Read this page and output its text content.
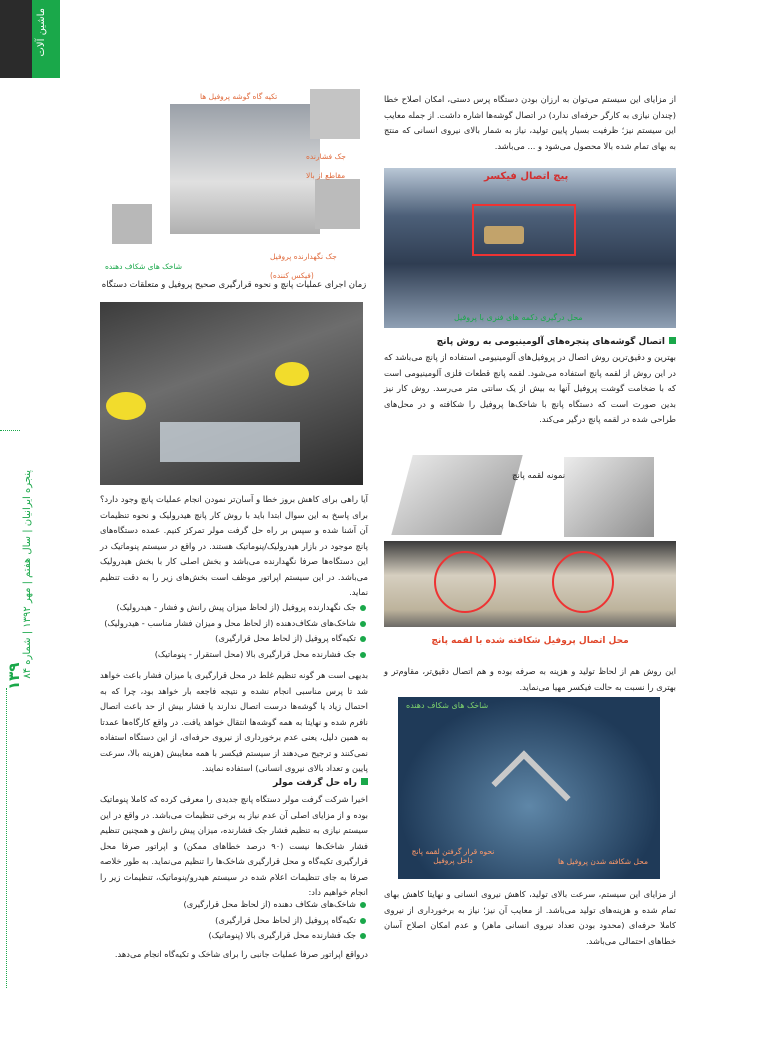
ماشین آلات
پنجره ایرانیان | سال هفتم | مهر ۱۳۹۲ | شماره ۸۴
۱۳۹
از مزایای این سیستم می‌توان به ارزان بودن دستگاه پرس دستی، امکان اصلاح خطا (چندان نیازی به کارگر حرفه‌ای ندارد) در اتصال گوشه‌ها اشاره داشت. از جمله معایب این سیستم نیز؛ ظرفیت بسیار پایین تولید، نیاز به شمار بالای نیروی انسانی که منتج به بهای تمام شده بالا محصول می‌شود و ... می‌باشد.
پیچ اتصال فیکسر
محل درگیری دکمه های فنری با پروفیل
اتصال گوشه‌های پنجره‌های آلومینیومی به روش پانچ
بهترین و دقیق‌ترین روش اتصال در پروفیل‌های آلومینیومی استفاده از پانچ می‌باشد که در این روش از لقمه پانچ استفاده می‌شود. لقمه پانچ قطعات فلزی آلومینیومی است که با ضخامت گوشت پروفیل آنها به بیش از یک سانتی متر می‌رسد. روش کار نیز بدین صورت است که دستگاه پانچ با شاخک‌ها پروفیل را شکافته و در محل‌های طراحی شده در لقمه پانچ درگیر می‌کند.
نمونه لقمه پانچ
محل اتصال پروفیل شکافته شده با لقمه پانچ
این روش هم از لحاظ تولید و هزینه به صرفه بوده و هم اتصال دقیق‌تر، مقاوم‌تر و بهتری را نسبت به حالت فیکسر مهیا می‌نماید.
شاخک های شکاف دهنده
نحوه قرار گرفتن لقمه پانچ داخل پروفیل	محل شکافته شدن پروفیل ها
از مزایای این سیستم، سرعت بالای تولید، کاهش نیروی انسانی و نهایتا کاهش بهای تمام شده و هزینه‌های تولید می‌باشد. از معایب آن نیز؛ نیاز به برخورداری از نیروی کاملا حرفه‌ای (محدود بودن تعداد نیروی انسانی ماهر) و عدم امکان اصلاح آسان خطاهای احتمالی می‌باشد.
تکیه گاه گوشه پروفیل ها
جک فشارنده مقاطع از بالا
شاخک های شکاف دهنده
جک نگهدارنده پروفیل (فیکس کننده)
زمان اجرای عملیات پانچ و نحوه قرارگیری صحیح پروفیل و متعلقات دستگاه
آیا راهی برای کاهش بروز خطا و آسان‌تر نمودن انجام عملیات پانچ وجود دارد؟ برای پاسخ به این سوال ابتدا باید با روش کار پانچ هیدرولیک و نحوه تنظیمات آن آشنا شده و سپس بر راه حل گرفت مولر تمرکز کنیم. عمده دستگاه‌های پانچ موجود در بازار هیدرولیک/پنوماتیک هستند. در واقع در سیستم پنوماتیک در این دستگاه‌ها صرفا نگهدارنده می‌باشد و بخش اصلی کار با بخش هیدرولیک می‌باشد. در این سیستم اپراتور موظف است بخش‌های زیر را به دقت تنظیم نماید.
جک نگهدارنده پروفیل (از لحاظ میزان پیش رانش و فشار - هیدرولیک)
شاخک‌های شکاف‌دهنده (از لحاظ محل و میزان فشار مناسب - هیدرولیک)
تکیه‌گاه پروفیل (از لحاظ محل قرارگیری)
جک فشارنده محل قرارگیری بالا (محل استقرار - پنوماتیک)
بدیهی است هر گونه تنظیم غلط در محل قرارگیری یا میزان فشار باعث خواهد شد تا پرس مناسبی انجام نشده و نتیجه فاجعه بار خواهد بود، چرا که به احتمال زیاد یا گوشه‌ها درست اتصال ندارند یا فشار بیش از حد باعث اتصال نافرم شده و نهایتا به همه گوشه‌ها انتقال خواهد یافت. در واقع کارگاه‌ها عمدتا به همین دلیل، یعنی عدم برخورداری از نیروی حرفه‌ای، از این دستگاه استفاده نمی‌کنند و ترجیح می‌دهند از سیستم فیکسر با همه معایبش (هزینه بالا، سرعت پایین و تعداد بالای نیروی انسانی) استفاده نمایند.
راه حل گرفت مولر
اخیرا شرکت گرفت مولر دستگاه پانچ جدیدی را معرفی کرده که کاملا پنوماتیک بوده و از مزایای اصلی آن عدم نیاز به برخی تنظیمات می‌باشد. در واقع در این سیستم نیازی به تنظیم فشار جک فشارنده، میزان پیش رانش و همچنین تنظیم فشار شاخک‌ها نیست (۹۰ درصد خطاهای ممکن) و اپراتور صرفا محل قرارگیری تکیه‌گاه و محل قرارگیری شاخک‌ها را تنظیم می‌نماید. به طور خلاصه صرفا به جای تنظیمات اعلام شده در سیستم هیدرو/پنوماتیک، تنظیمات زیر را انجام خواهیم داد:
شاخک‌های شکاف دهنده (از لحاظ محل قرارگیری)
تکیه‌گاه پروفیل (از لحاظ محل قرارگیری)
جک فشارنده محل قرارگیری بالا (پنوماتیک)
درواقع اپراتور صرفا عملیات جانبی را برای شاخک و تکیه‌گاه انجام می‌دهد.
